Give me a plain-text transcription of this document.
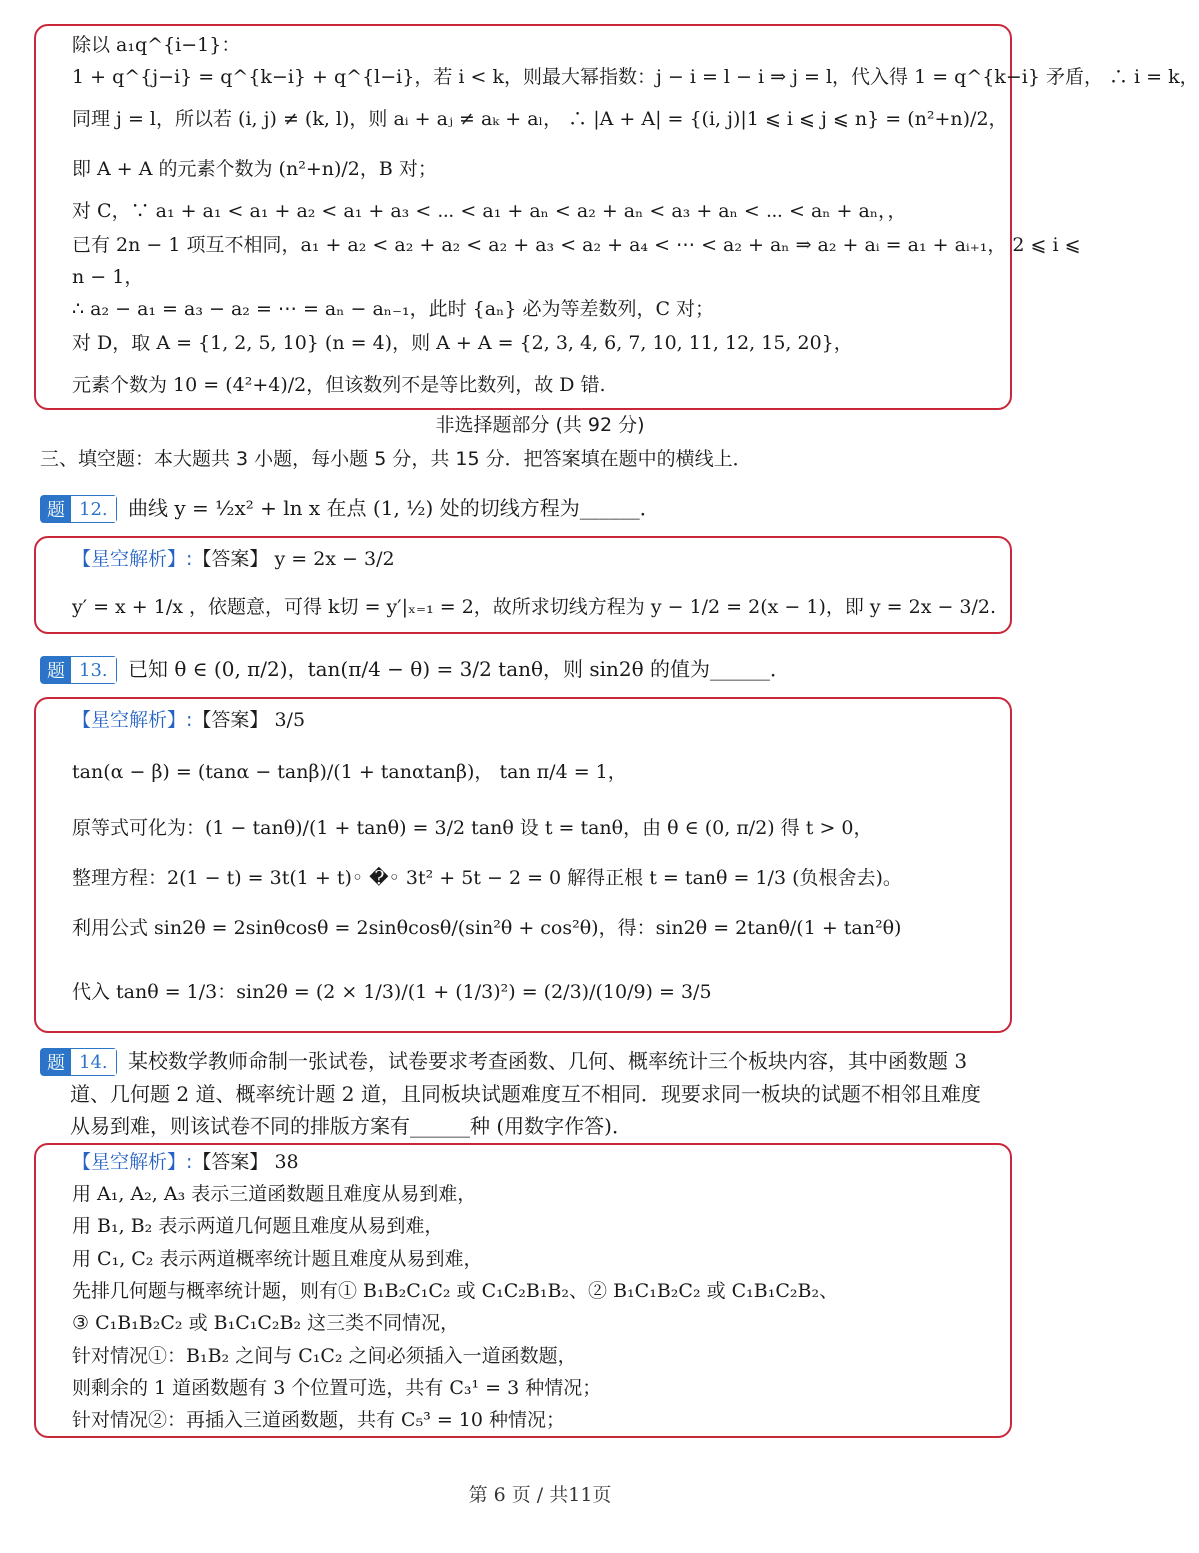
除以 a₁q^{i−1}：
1 + q^{j−i} = q^{k−i} + q^{l−i}，若 i < k，则最大幂指数：j − i = l − i ⇒ j = l，代入得 1 = q^{k−i} 矛盾， ∴ i = k，
同理 j = l，所以若 (i, j) ≠ (k, l)，则 aᵢ + aⱼ ≠ aₖ + aₗ， ∴ |A + A| = {(i, j)|1 ⩽ i ⩽ j ⩽ n} = (n²+n)/2，
即 A + A 的元素个数为 (n²+n)/2，B 对；
对 C，∵ a₁ + a₁ < a₁ + a₂ < a₁ + a₃ < ⋯ < a₁ + aₙ < a₂ + aₙ < a₃ + aₙ < ⋯ < aₙ + aₙ，，
已有 2n − 1 项互不相同，a₁ + a₂ < a₂ + a₂ < a₂ + a₃ < a₂ + a₄ < ⋯ < a₂ + aₙ ⇒ a₂ + aᵢ = a₁ + aᵢ₊₁， 2 ⩽ i ⩽
n − 1，
∴ a₂ − a₁ = a₃ − a₂ = ⋯ = aₙ − aₙ₋₁，此时 {aₙ} 必为等差数列，C 对；
对 D，取 A = {1, 2, 5, 10} (n = 4)，则 A + A = {2, 3, 4, 6, 7, 10, 11, 12, 15, 20}，
元素个数为 10 = (4²+4)/2，但该数列不是等比数列，故 D 错.
非选择题部分 (共 92 分)
三、填空题：本大题共 3 小题，每小题 5 分，共 15 分．把答案填在题中的横线上．
题 12.	曲线 y = ½x² + ln x 在点 (1, ½) 处的切线方程为______．
【星空解析】:【答案】 y = 2x − 3/2
y′ = x + 1/x ，依题意，可得 k切 = y′|ₓ₌₁ = 2，故所求切线方程为 y − 1/2 = 2(x − 1)，即 y = 2x − 3/2.
题 13.	已知 θ ∈ (0, π/2)，tan(π/4 − θ) = 3/2 tanθ，则 sin2θ 的值为______．
【星空解析】:【答案】 3/5
tan(α − β) = (tanα − tanβ)/(1 + tanαtanβ)， tan π/4 = 1，
原等式可化为：(1 − tanθ)/(1 + tanθ) = 3/2 tanθ 设 t = tanθ，由 θ ∈ (0, π/2) 得 t > 0，
整理方程：2(1 − t) = 3t(1 + t)◦ �◦ 3t² + 5t − 2 = 0 解得正根 t = tanθ = 1/3 (负根舍去)。
利用公式 sin2θ = 2sinθcosθ = 2sinθcosθ/(sin²θ + cos²θ)，得：sin2θ = 2tanθ/(1 + tan²θ)
代入 tanθ = 1/3：sin2θ = (2 × 1/3)/(1 + (1/3)²) = (2/3)/(10/9) = 3/5
题 14.	某校数学教师命制一张试卷，试卷要求考查函数、几何、概率统计三个板块内容，其中函数题 3
道、几何题 2 道、概率统计题 2 道，且同板块试题难度互不相同．现要求同一板块的试题不相邻且难度
从易到难，则该试卷不同的排版方案有______种 (用数字作答)．
【星空解析】:【答案】 38
用 A₁, A₂, A₃ 表示三道函数题且难度从易到难，
用 B₁, B₂ 表示两道几何题且难度从易到难，
用 C₁, C₂ 表示两道概率统计题且难度从易到难，
先排几何题与概率统计题，则有① B₁B₂C₁C₂ 或 C₁C₂B₁B₂、② B₁C₁B₂C₂ 或 C₁B₁C₂B₂、
③ C₁B₁B₂C₂ 或 B₁C₁C₂B₂ 这三类不同情况，
针对情况①：B₁B₂ 之间与 C₁C₂ 之间必须插入一道函数题，
则剩余的 1 道函数题有 3 个位置可选，共有 C₃¹ = 3 种情况；
针对情况②：再插入三道函数题，共有 C₅³ = 10 种情况；
第 6 页 / 共11页
